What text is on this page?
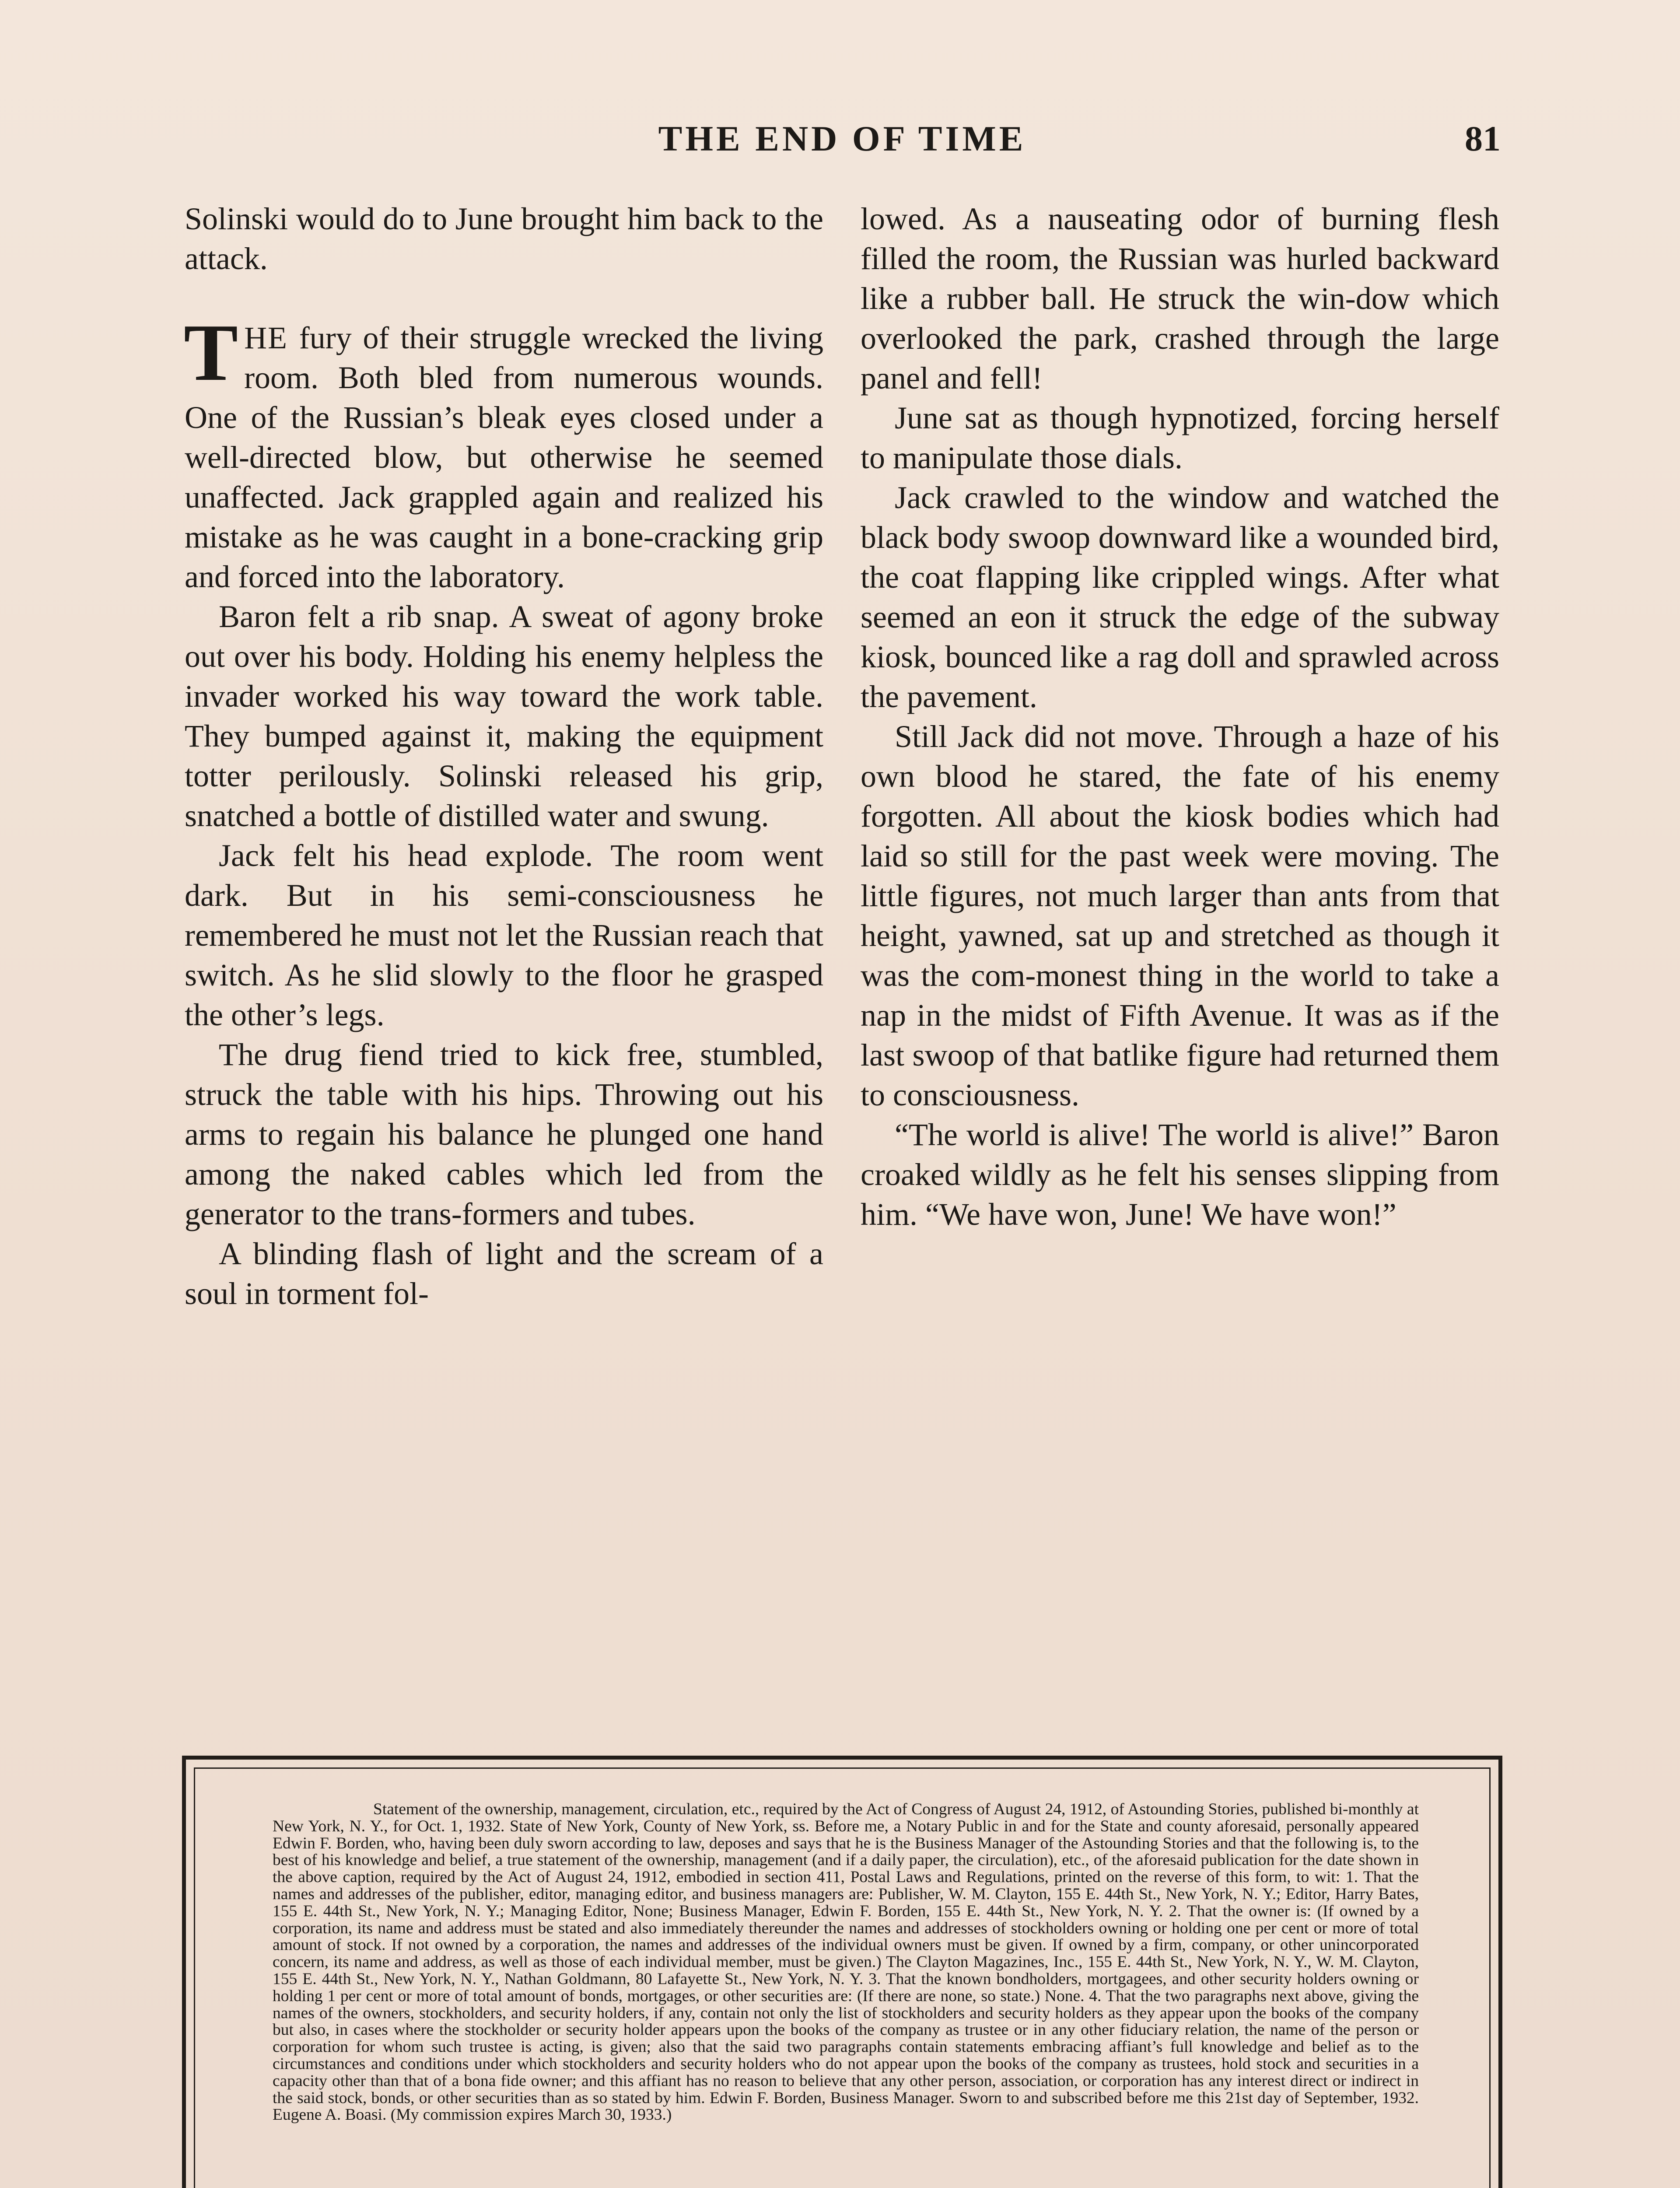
THE END OF TIME	81

Solinski would do to June brought him back to the attack.

THE fury of their struggle wrecked the living room. Both bled from numerous wounds. One of the Russian’s bleak eyes closed under a well-directed blow, but otherwise he seemed unaffected. Jack grappled again and realized his mistake as he was caught in a bone-cracking grip and forced into the laboratory.

Baron felt a rib snap. A sweat of agony broke out over his body. Holding his enemy helpless the invader worked his way toward the work table. They bumped against it, making the equipment totter perilously. Solinski released his grip, snatched a bottle of distilled water and swung.

Jack felt his head explode. The room went dark. But in his semi-consciousness he remembered he must not let the Russian reach that switch. As he slid slowly to the floor he grasped the other’s legs.

The drug fiend tried to kick free, stumbled, struck the table with his hips. Throwing out his arms to regain his balance he plunged one hand among the naked cables which led from the generator to the trans-formers and tubes.

A blinding flash of light and the scream of a soul in torment fol-

lowed. As a nauseating odor of burning flesh filled the room, the Russian was hurled backward like a rubber ball. He struck the win-dow which overlooked the park, crashed through the large panel and fell!

June sat as though hypnotized, forcing herself to manipulate those dials.

Jack crawled to the window and watched the black body swoop downward like a wounded bird, the coat flapping like crippled wings. After what seemed an eon it struck the edge of the subway kiosk, bounced like a rag doll and sprawled across the pavement.

Still Jack did not move. Through a haze of his own blood he stared, the fate of his enemy forgotten. All about the kiosk bodies which had laid so still for the past week were moving. The little figures, not much larger than ants from that height, yawned, sat up and stretched as though it was the com-monest thing in the world to take a nap in the midst of Fifth Avenue. It was as if the last swoop of that batlike figure had returned them to consciousness.

“The world is alive! The world is alive!” Baron croaked wildly as he felt his senses slipping from him. “We have won, June! We have won!”

Statement of the ownership, management, circulation, etc., required by the Act of Congress of August 24, 1912, of Astounding Stories, published bi-monthly at New York, N. Y., for Oct. 1, 1932. State of New York, County of New York, ss. Before me, a Notary Public in and for the State and county aforesaid, personally appeared Edwin F. Borden, who, having been duly sworn according to law, deposes and says that he is the Business Manager of the Astounding Stories and that the following is, to the best of his knowledge and belief, a true statement of the ownership, management (and if a daily paper, the circulation), etc., of the aforesaid publication for the date shown in the above caption, required by the Act of August 24, 1912, embodied in section 411, Postal Laws and Regulations, printed on the reverse of this form, to wit: 1. That the names and addresses of the publisher, editor, managing editor, and business managers are: Publisher, W. M. Clayton, 155 E. 44th St., New York, N. Y.; Editor, Harry Bates, 155 E. 44th St., New York, N. Y.; Managing Editor, None; Business Manager, Edwin F. Borden, 155 E. 44th St., New York, N. Y. 2. That the owner is: (If owned by a corporation, its name and address must be stated and also immediately thereunder the names and addresses of stockholders owning or holding one per cent or more of total amount of stock. If not owned by a corporation, the names and addresses of the individual owners must be given. If owned by a firm, company, or other unincorporated concern, its name and address, as well as those of each individual member, must be given.) The Clayton Magazines, Inc., 155 E. 44th St., New York, N. Y., W. M. Clayton, 155 E. 44th St., New York, N. Y., Nathan Goldmann, 80 Lafayette St., New York, N. Y. 3. That the known bondholders, mortgagees, and other security holders owning or holding 1 per cent or more of total amount of bonds, mortgages, or other securities are: (If there are none, so state.) None. 4. That the two paragraphs next above, giving the names of the owners, stockholders, and security holders, if any, contain not only the list of stockholders and security holders as they appear upon the books of the company but also, in cases where the stockholder or security holder appears upon the books of the company as trustee or in any other fiduciary relation, the name of the person or corporation for whom such trustee is acting, is given; also that the said two paragraphs contain statements embracing affiant’s full knowledge and belief as to the circumstances and conditions under which stockholders and security holders who do not appear upon the books of the company as trustees, hold stock and securities in a capacity other than that of a bona fide owner; and this affiant has no reason to believe that any other person, association, or corporation has any interest direct or indirect in the said stock, bonds, or other securities than as so stated by him. Edwin F. Borden, Business Manager. Sworn to and subscribed before me this 21st day of September, 1932. Eugene A. Boasi. (My commission expires March 30, 1933.)
